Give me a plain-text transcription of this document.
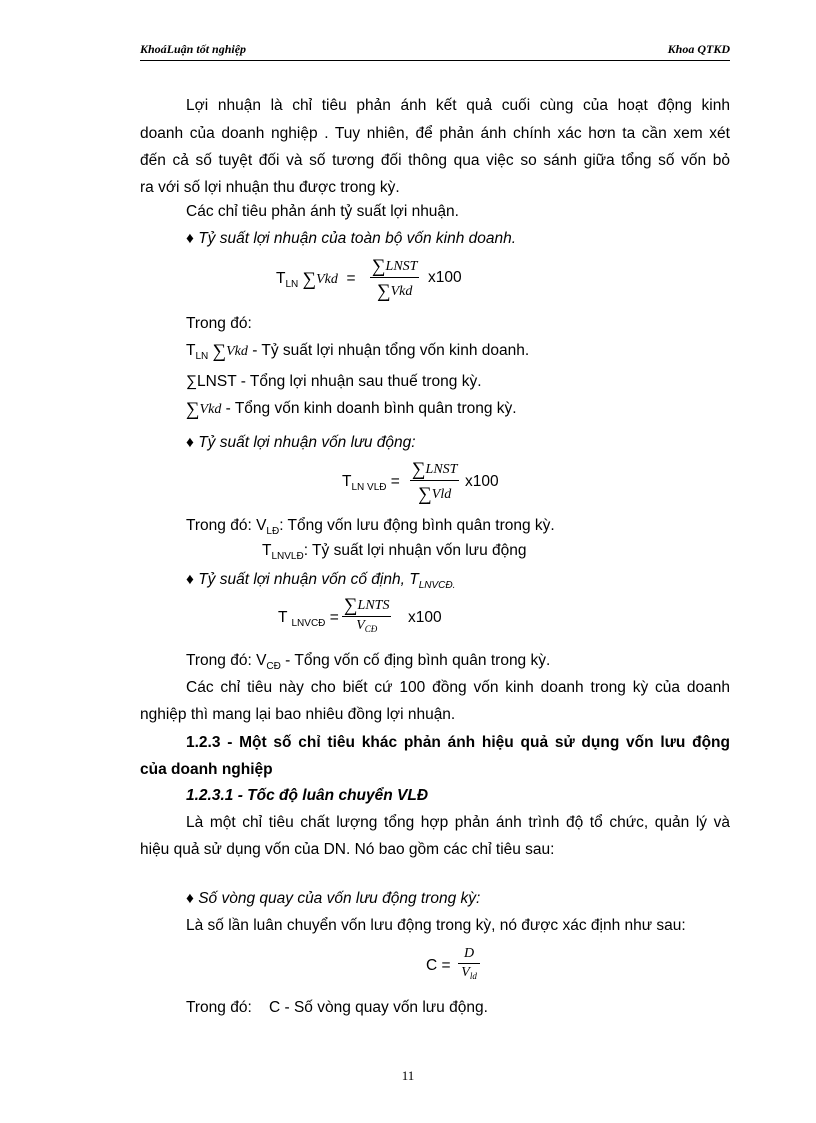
KhoáLuận tốt nghiệp	Khoa QTKD
Lợi nhuận là chỉ tiêu phản ánh kết quả cuối cùng của hoạt động kinh
doanh của doanh nghiệp . Tuy nhiên, để phản ánh chính xác hơn ta cần xem xét
đến cả số tuyệt đối và số tương đối thông qua việc so sánh giữa tổng số vốn bỏ
ra với số lợi nhuận thu được trong kỳ.
Các chỉ tiêu phản ánh tỷ suất lợi nhuận.
♦ Tỷ suất lợi nhuận của toàn bộ vốn kinh doanh.
$T_{LN}$ ∑Vkd =
∑LNST
∑Vkd
x100
Trong đó:
$T_{LN}$ ∑Vkd - Tỷ suất lợi nhuận tổng vốn kinh doanh.
∑LNST - Tổng lợi nhuận sau thuế trong kỳ.
∑Vkd - Tổng vốn kinh doanh bình quân trong kỳ.
♦ Tỷ suất lợi nhuận vốn lưu động:
$T_{LN VLĐ}$ =
∑LNST
∑Vld
x100
Trong đó: $V_{LĐ}$: Tổng vốn lưu động bình quân trong kỳ.
$T_{LNVLĐ}$: Tỷ suất lợi nhuận vốn lưu động
♦ Tỷ suất lợi nhuận vốn cố định, $T_{LNVCĐ.}$
T $_{LNVCĐ}$ =
∑LNTS
$V_{CĐ}$
x100
Trong đó: $V_{CĐ}$ - Tổng vốn cố địng bình quân trong kỳ.
Các chỉ tiêu này cho biết cứ 100 đồng vốn kinh doanh trong kỳ của doanh
nghiệp thì mang lại bao nhiêu đồng lợi nhuận.
1.2.3 - Một số chỉ tiêu khác phản ánh hiệu quả sử dụng vốn lưu động
của doanh nghiệp
1.2.3.1 - Tốc độ luân chuyển VLĐ
Là một chỉ tiêu chất lượng tổng hợp phản ánh trình độ tổ chức, quản lý và
hiệu quả sử dụng vốn của DN. Nó bao gồm các chỉ tiêu sau:
♦ Số vòng quay của vốn lưu động trong kỳ:
Là số lần luân chuyển vốn lưu động trong kỳ, nó được xác định như sau:
C =
D
$V_{ld}$
Trong đó:    C - Số vòng quay vốn lưu động.
11
